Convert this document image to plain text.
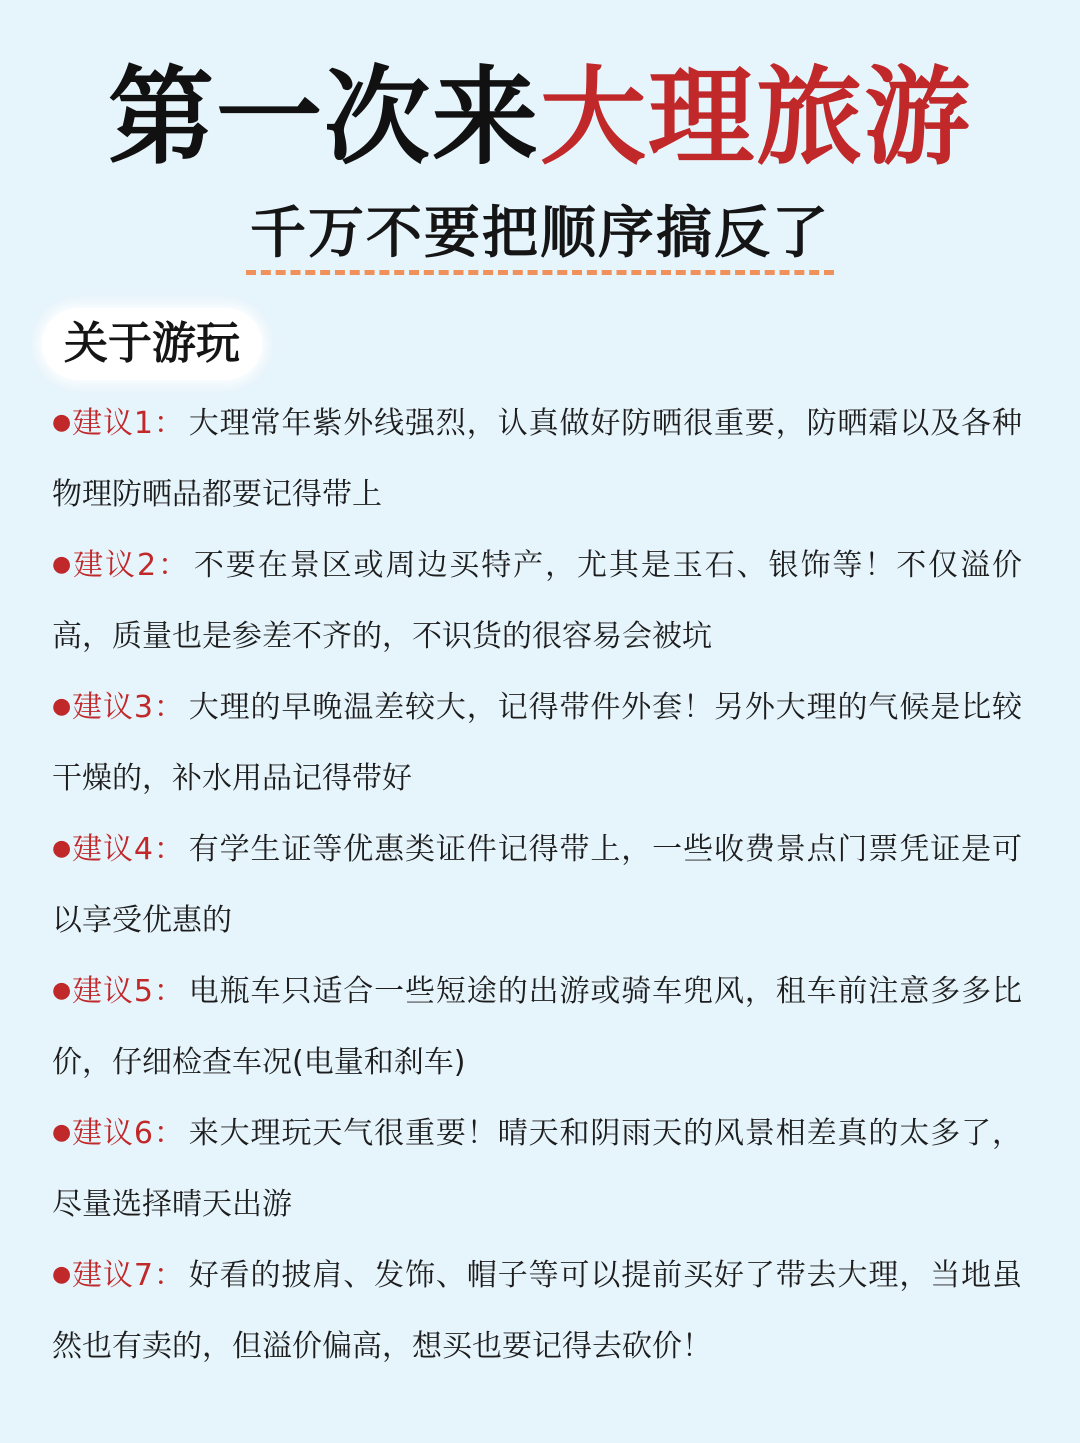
第一次来大理旅游
千万不要把顺序搞反了
关于游玩
●建议1： 大理常年紫外线强烈，认真做好防晒很重要，防晒霜以及各种物理防晒品都要记得带上
●建议2： 不要在景区或周边买特产，尤其是玉石、银饰等！不仅溢价高，质量也是参差不齐的，不识货的很容易会被坑
●建议3： 大理的早晚温差较大，记得带件外套！另外大理的气候是比较干燥的，补水用品记得带好
●建议4： 有学生证等优惠类证件记得带上，一些收费景点门票凭证是可以享受优惠的
●建议5： 电瓶车只适合一些短途的出游或骑车兜风，租车前注意多多比价，仔细检查车况(电量和刹车)
●建议6： 来大理玩天气很重要！晴天和阴雨天的风景相差真的太多了，尽量选择晴天出游
●建议7： 好看的披肩、发饰、帽子等可以提前买好了带去大理，当地虽然也有卖的，但溢价偏高，想买也要记得去砍价！
